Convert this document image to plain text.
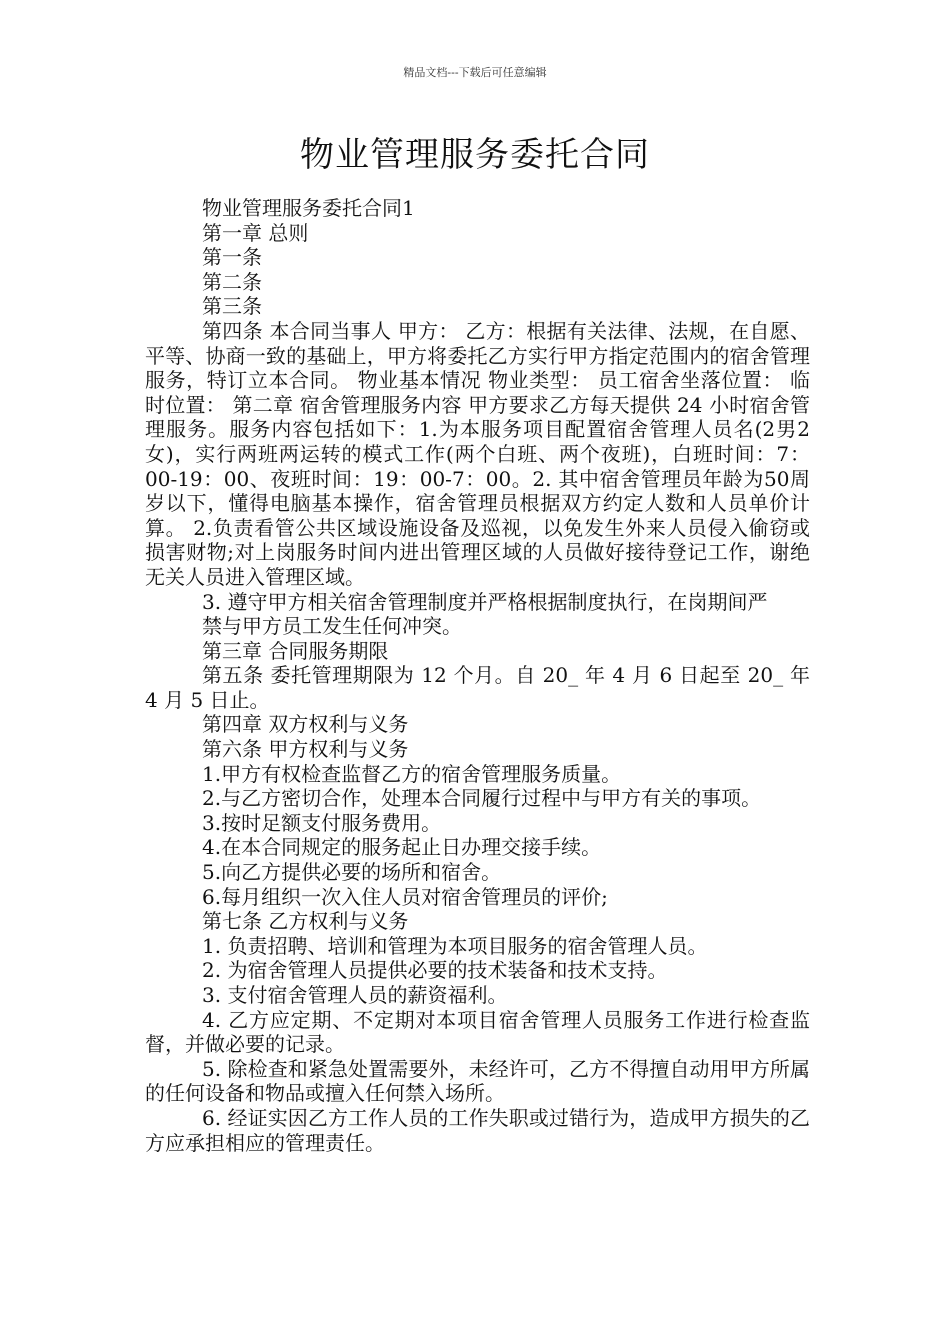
精品文档---下载后可任意编辑
物业管理服务委托合同

物业管理服务委托合同1

第一章 总则

第一条

第二条

第三条

第四条 本合同当事人 甲方： 乙方：根据有关法律、法规，在自愿、平等、协商一致的基础上，甲方将委托乙方实行甲方指定范围内的宿舍管理服务，特订立本合同。 物业基本情况 物业类型： 员工宿舍坐落位置： 临时位置： 第二章 宿舍管理服务内容 甲方要求乙方每天提供 24 小时宿舍管理服务。服务内容包括如下：1.为本服务项目配置宿舍管理人员名(2男2女)，实行两班两运转的模式工作(两个白班、两个夜班)，白班时间：7：00-19：00、夜班时间：19：00-7：00。2. 其中宿舍管理员年龄为50周岁以下，懂得电脑基本操作，宿舍管理员根据双方约定人数和人员单价计算。 2.负责看管公共区域设施设备及巡视，以免发生外来人员侵入偷窃或损害财物;对上岗服务时间内进出管理区域的人员做好接待登记工作，谢绝无关人员进入管理区域。

3. 遵守甲方相关宿舍管理制度并严格根据制度执行，在岗期间严

禁与甲方员工发生任何冲突。

第三章 合同服务期限

第五条 委托管理期限为 12 个月。自 20_ 年 4 月 6 日起至 20_ 年 4 月 5 日止。

第四章 双方权利与义务

第六条 甲方权利与义务

1.甲方有权检查监督乙方的宿舍管理服务质量。

2.与乙方密切合作，处理本合同履行过程中与甲方有关的事项。

3.按时足额支付服务费用。

4.在本合同规定的服务起止日办理交接手续。

5.向乙方提供必要的场所和宿舍。

6.每月组织一次入住人员对宿舍管理员的评价;

第七条 乙方权利与义务

1. 负责招聘、培训和管理为本项目服务的宿舍管理人员。

2. 为宿舍管理人员提供必要的技术装备和技术支持。

3. 支付宿舍管理人员的薪资福利。

4. 乙方应定期、不定期对本项目宿舍管理人员服务工作进行检查监督，并做必要的记录。

5. 除检查和紧急处置需要外，未经许可，乙方不得擅自动用甲方所属的任何设备和物品或擅入任何禁入场所。

6. 经证实因乙方工作人员的工作失职或过错行为，造成甲方损失的乙方应承担相应的管理责任。
